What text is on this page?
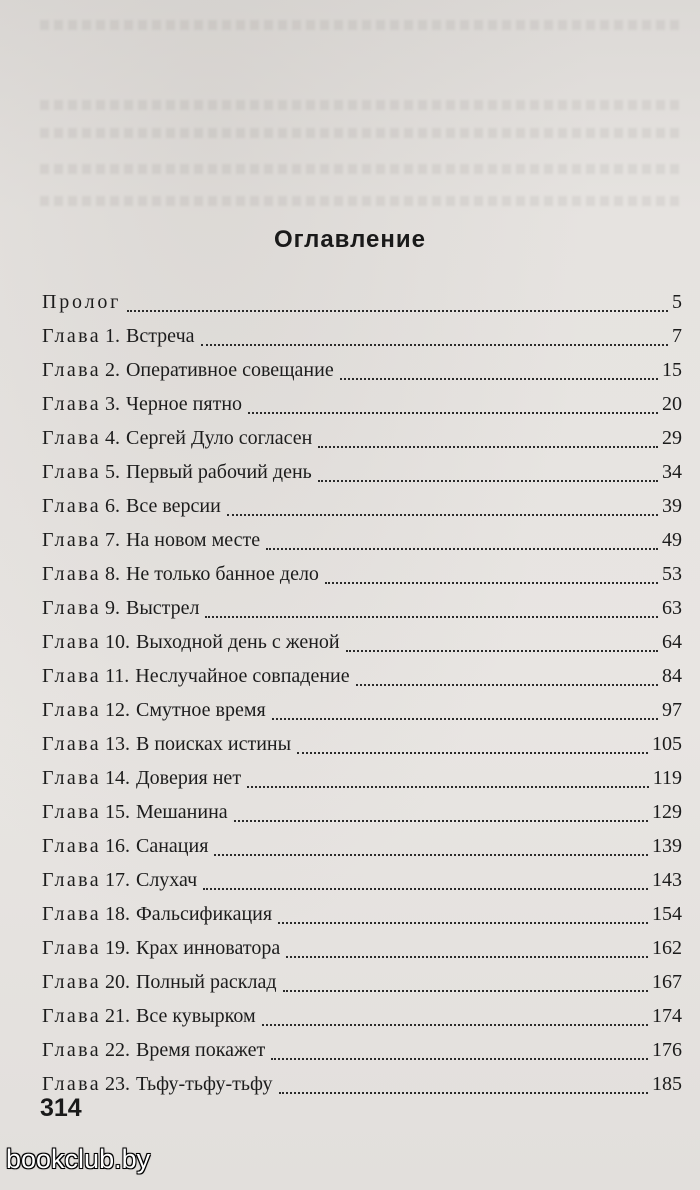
Оглавление
Пролог	5
Глава 1. Встреча	7
Глава 2. Оперативное совещание	15
Глава 3. Черное пятно	20
Глава 4. Сергей Дуло согласен	29
Глава 5. Первый рабочий день	34
Глава 6. Все версии	39
Глава 7. На новом месте	49
Глава 8. Не только банное дело	53
Глава 9. Выстрел	63
Глава 10. Выходной день с женой	64
Глава 11. Неслучайное совпадение	84
Глава 12. Смутное время	97
Глава 13. В поисках истины	105
Глава 14. Доверия нет	119
Глава 15. Мешанина	129
Глава 16. Санация	139
Глава 17. Слухач	143
Глава 18. Фальсификация	154
Глава 19. Крах инноватора	162
Глава 20. Полный расклад	167
Глава 21. Все кувырком	174
Глава 22. Время покажет	176
Глава 23. Тьфу-тьфу-тьфу	185
314
bookclub.by
